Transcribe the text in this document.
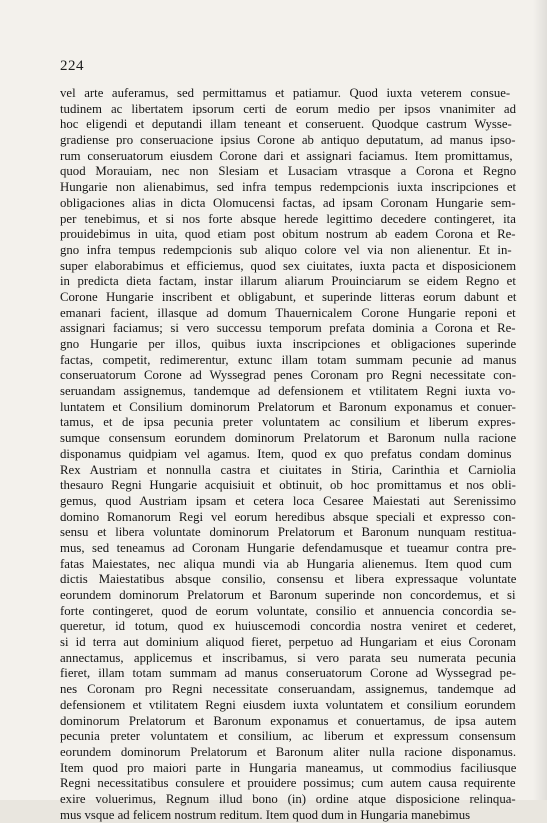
224
vel arte auferamus, sed permittamus et patiamur. Quod iuxta veterem consue-
tudinem ac libertatem ipsorum certi de eorum medio per ipsos vnanimiter ad
hoc eligendi et deputandi illam teneant et conseruent. Quodque castrum Wysse-
gradiense pro conseruacione ipsius Corone ab antiquo deputatum, ad manus ipso-
rum conseruatorum eiusdem Corone dari et assignari faciamus. Item promittamus,
quod Morauiam, nec non Slesiam et Lusaciam vtrasque a Corona et Regno
Hungarie non alienabimus, sed infra tempus redempcionis iuxta inscripciones et
obligaciones alias in dicta Olomucensi factas, ad ipsam Coronam Hungarie sem-
per tenebimus, et si nos forte absque herede legittimo decedere contingeret, ita
prouidebimus in uita, quod etiam post obitum nostrum ab eadem Corona et Re-
gno infra tempus redempcionis sub aliquo colore vel via non alienentur. Et in-
super elaborabimus et efficiemus, quod sex ciuitates, iuxta pacta et disposicionem
in predicta dieta factam, instar illarum aliarum Prouinciarum se eidem Regno et
Corone Hungarie inscribent et obligabunt, et superinde litteras eorum dabunt et
emanari facient, illasque ad domum Thauernicalem Corone Hungarie reponi et
assignari faciamus; si vero successu temporum prefata dominia a Corona et Re-
gno Hungarie per illos, quibus iuxta inscripciones et obligaciones superinde
factas, competit, redimerentur, extunc illam totam summam pecunie ad manus
conseruatorum Corone ad Wyssegrad penes Coronam pro Regni necessitate con-
seruandam assignemus, tandemque ad defensionem et vtilitatem Regni iuxta vo-
luntatem et Consilium dominorum Prelatorum et Baronum exponamus et conuer-
tamus, et de ipsa pecunia preter voluntatem ac consilium et liberum expres-
sumque consensum eorundem dominorum Prelatorum et Baronum nulla racione
disponamus quidpiam vel agamus. Item, quod ex quo prefatus condam dominus
Rex Austriam et nonnulla castra et ciuitates in Stiria, Carinthia et Carniolia
thesauro Regni Hungarie acquisiuit et obtinuit, ob hoc promittamus et nos obli-
gemus, quod Austriam ipsam et cetera loca Cesaree Maiestati aut Serenissimo
domino Romanorum Regi vel eorum heredibus absque speciali et expresso con-
sensu et libera voluntate dominorum Prelatorum et Baronum nunquam restitua-
mus, sed teneamus ad Coronam Hungarie defendamusque et tueamur contra pre-
fatas Maiestates, nec aliqua mundi via ab Hungaria alienemus. Item quod cum
dictis Maiestatibus absque consilio, consensu et libera expressaque voluntate
eorundem dominorum Prelatorum et Baronum superinde non concordemus, et si
forte contingeret, quod de eorum voluntate, consilio et annuencia concordia se-
queretur, id totum, quod ex huiuscemodi concordia nostra veniret et cederet,
si id terra aut dominium aliquod fieret, perpetuo ad Hungariam et eius Coronam
annectamus, applicemus et inscribamus, si vero parata seu numerata pecunia
fieret, illam totam summam ad manus conseruatorum Corone ad Wyssegrad pe-
nes Coronam pro Regni necessitate conseruandam, assignemus, tandemque ad
defensionem et vtilitatem Regni eiusdem iuxta voluntatem et consilium eorundem
dominorum Prelatorum et Baronum exponamus et conuertamus, de ipsa autem
pecunia preter voluntatem et consilium, ac liberum et expressum consensum
eorundem dominorum Prelatorum et Baronum aliter nulla racione disponamus.
Item quod pro maiori parte in Hungaria maneamus, ut commodius faciliusque
Regni necessitatibus consulere et prouidere possimus; cum autem causa requirente
exire voluerimus, Regnum illud bono (in) ordine atque disposicione relinqua-
mus vsque ad felicem nostrum reditum. Item quod dum in Hungaria manebimus
